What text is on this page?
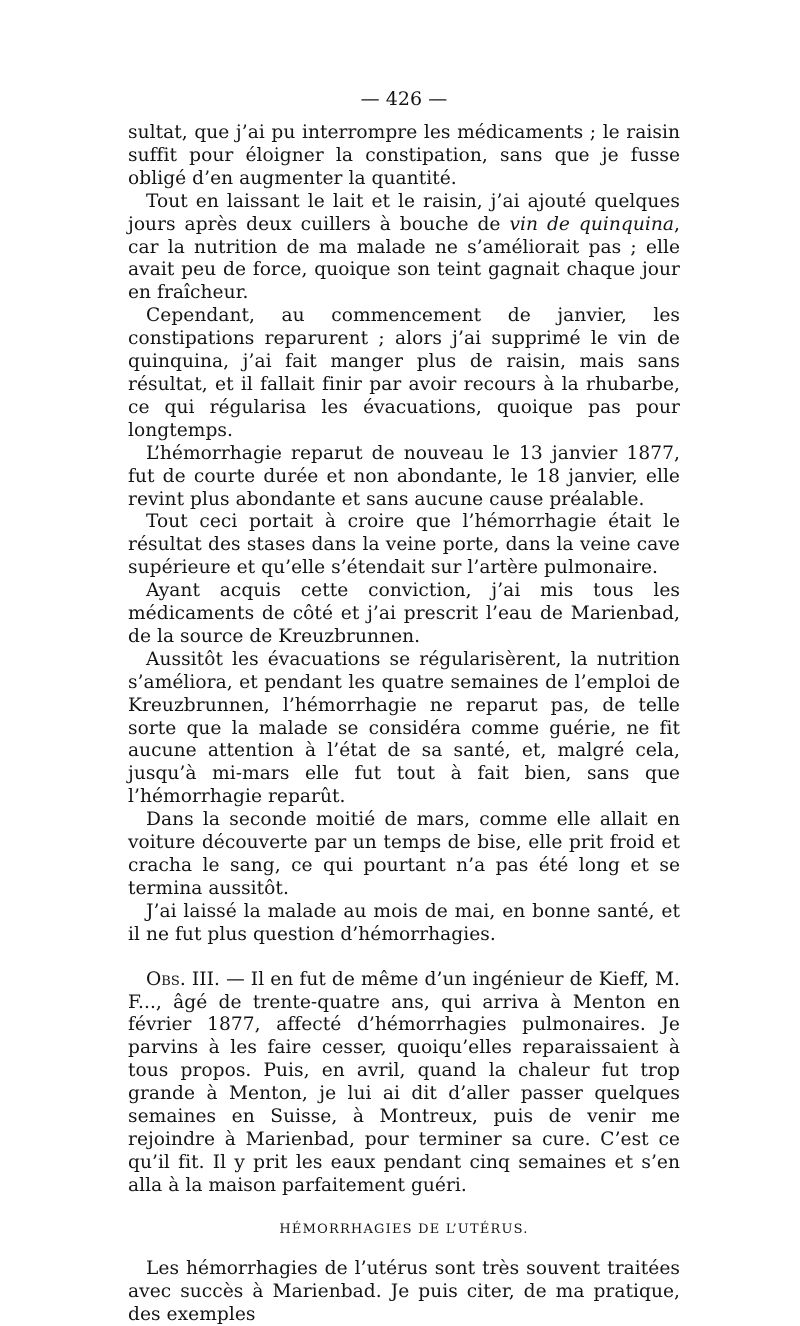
— 426 —

sultat, que j’ai pu interrompre les médicaments ; le raisin suffit pour éloigner la constipation, sans que je fusse obligé d’en augmenter la quantité.

Tout en laissant le lait et le raisin, j’ai ajouté quelques jours après deux cuillers à bouche de vin de quinquina, car la nutrition de ma malade ne s’améliorait pas ; elle avait peu de force, quoique son teint gagnait chaque jour en fraîcheur.

Cependant, au commencement de janvier, les constipations reparurent ; alors j’ai supprimé le vin de quinquina, j’ai fait manger plus de raisin, mais sans résultat, et il fallait finir par avoir recours à la rhubarbe, ce qui régularisa les évacuations, quoique pas pour longtemps.

L’hémorrhagie reparut de nouveau le 13 janvier 1877, fut de courte durée et non abondante, le 18 janvier, elle revint plus abondante et sans aucune cause préalable.

Tout ceci portait à croire que l’hémorrhagie était le résultat des stases dans la veine porte, dans la veine cave supérieure et qu’elle s’étendait sur l’artère pulmonaire.

Ayant acquis cette conviction, j’ai mis tous les médicaments de côté et j’ai prescrit l’eau de Marienbad, de la source de Kreuzbrunnen.

Aussitôt les évacuations se régularisèrent, la nutrition s’améliora, et pendant les quatre semaines de l’emploi de Kreuzbrunnen, l’hémorrhagie ne reparut pas, de telle sorte que la malade se considéra comme guérie, ne fit aucune attention à l’état de sa santé, et, malgré cela, jusqu’à mi-mars elle fut tout à fait bien, sans que l’hémorrhagie reparût.

Dans la seconde moitié de mars, comme elle allait en voiture découverte par un temps de bise, elle prit froid et cracha le sang, ce qui pourtant n’a pas été long et se termina aussitôt.

J’ai laissé la malade au mois de mai, en bonne santé, et il ne fut plus question d’hémorrhagies.

Obs. III. — Il en fut de même d’un ingénieur de Kieff, M. F..., âgé de trente-quatre ans, qui arriva à Menton en février 1877, affecté d’hémorrhagies pulmonaires. Je parvins à les faire cesser, quoiqu’elles reparaissaient à tous propos. Puis, en avril, quand la chaleur fut trop grande à Menton, je lui ai dit d’aller passer quelques semaines en Suisse, à Montreux, puis de venir me rejoindre à Marienbad, pour terminer sa cure. C’est ce qu’il fit. Il y prit les eaux pendant cinq semaines et s’en alla à la maison parfaitement guéri.

HÉMORRHAGIES DE L’UTÉRUS.

Les hémorrhagies de l’utérus sont très souvent traitées avec succès à Marienbad. Je puis citer, de ma pratique, des exemples
